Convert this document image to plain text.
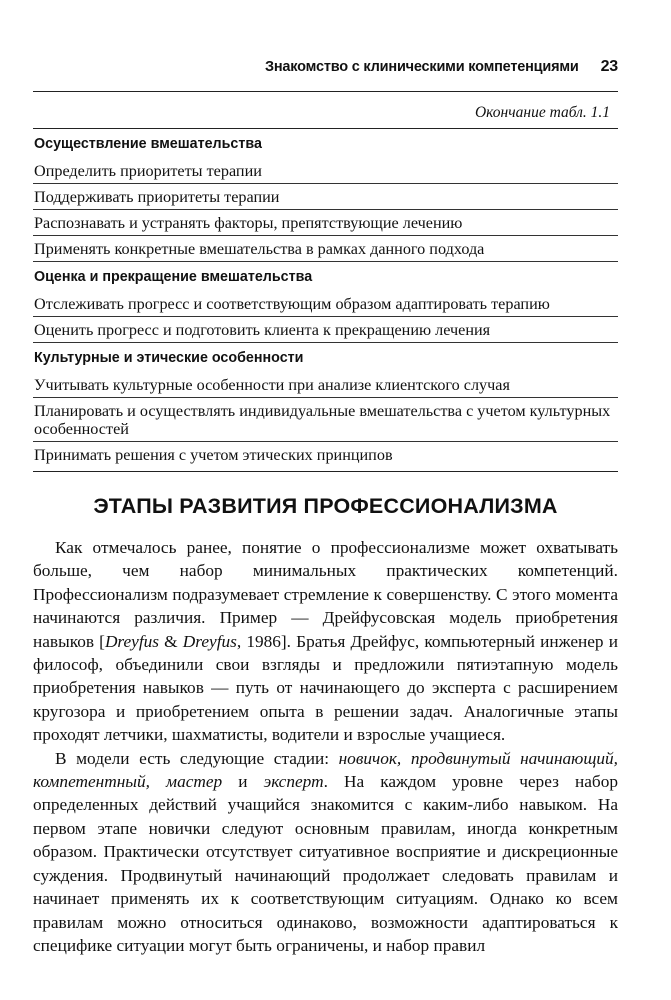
Знакомство с клиническими компетенциями 23
Окончание табл. 1.1
Осуществление вмешательства
Определить приоритеты терапии
Поддерживать приоритеты терапии
Распознавать и устранять факторы, препятствующие лечению
Применять конкретные вмешательства в рамках данного подхода
Оценка и прекращение вмешательства
Отслеживать прогресс и соответствующим образом адаптировать терапию
Оценить прогресс и подготовить клиента к прекращению лечения
Культурные и этические особенности
Учитывать культурные особенности при анализе клиентского случая
Планировать и осуществлять индивидуальные вмешательства с учетом культурных особенностей
Принимать решения с учетом этических принципов
ЭТАПЫ РАЗВИТИЯ ПРОФЕССИОНАЛИЗМА

Как отмечалось ранее, понятие о профессионализме может охватывать больше, чем набор минимальных практических компетенций. Профессионализм подразумевает стремление к совершенству. С этого момента начинаются различия. Пример — Дрейфусовская модель приобретения навыков [Dreyfus & Dreyfus, 1986]. Братья Дрейфус, компьютерный инженер и философ, объединили свои взгляды и предложили пятиэтапную модель приобретения навыков — путь от начинающего до эксперта с расширением кругозора и приобретением опыта в решении задач. Аналогичные этапы проходят летчики, шахматисты, водители и взрослые учащиеся.

В модели есть следующие стадии: новичок, продвинутый начинающий, компетентный, мастер и эксперт. На каждом уровне через набор определенных действий учащийся знакомится с каким-либо навыком. На первом этапе новички следуют основным правилам, иногда конкретным образом. Практически отсутствует ситуативное восприятие и дискреционные суждения. Продвинутый начинающий продолжает следовать правилам и начинает применять их к соответствующим ситуациям. Однако ко всем правилам можно относиться одинаково, возможности адаптироваться к специфике ситуации могут быть ограничены, и набор правил
